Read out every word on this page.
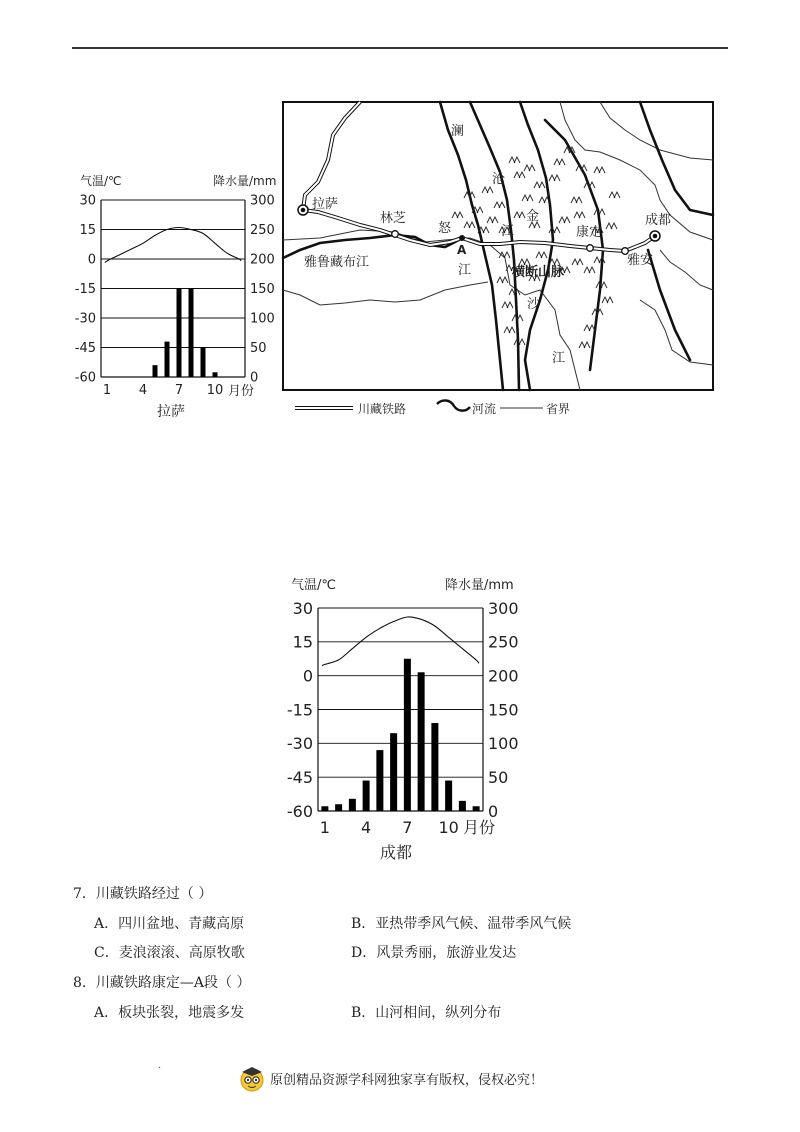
气温/℃	降水量/mm
30
15
0
-15
-30
-45
-60
300
250
200
150
100
50
0
1 4 7 10 月份
拉萨
拉萨
林芝	成都
康定
雅安
A
雅鲁藏布江
怒
江
澜
沧
江
金
沙
江
横断山脉
川藏铁路	河流	省界
气温/℃	降水量/mm
30
15
0
-15
-30
-45
-60
300
250
200
150
100
50
0
1 4 7 10 月份
成都
7．川藏铁路经过（ ）
A．四川盆地、青藏高原	B．亚热带季风气候、温带季风气候
C．麦浪滚滚、高原牧歌	D．风景秀丽，旅游业发达
8．川藏铁路康定—A段（ ）
A．板块张裂，地震多发	B．山河相间，纵列分布
.
原创精品资源学科网独家享有版权，侵权必究！
